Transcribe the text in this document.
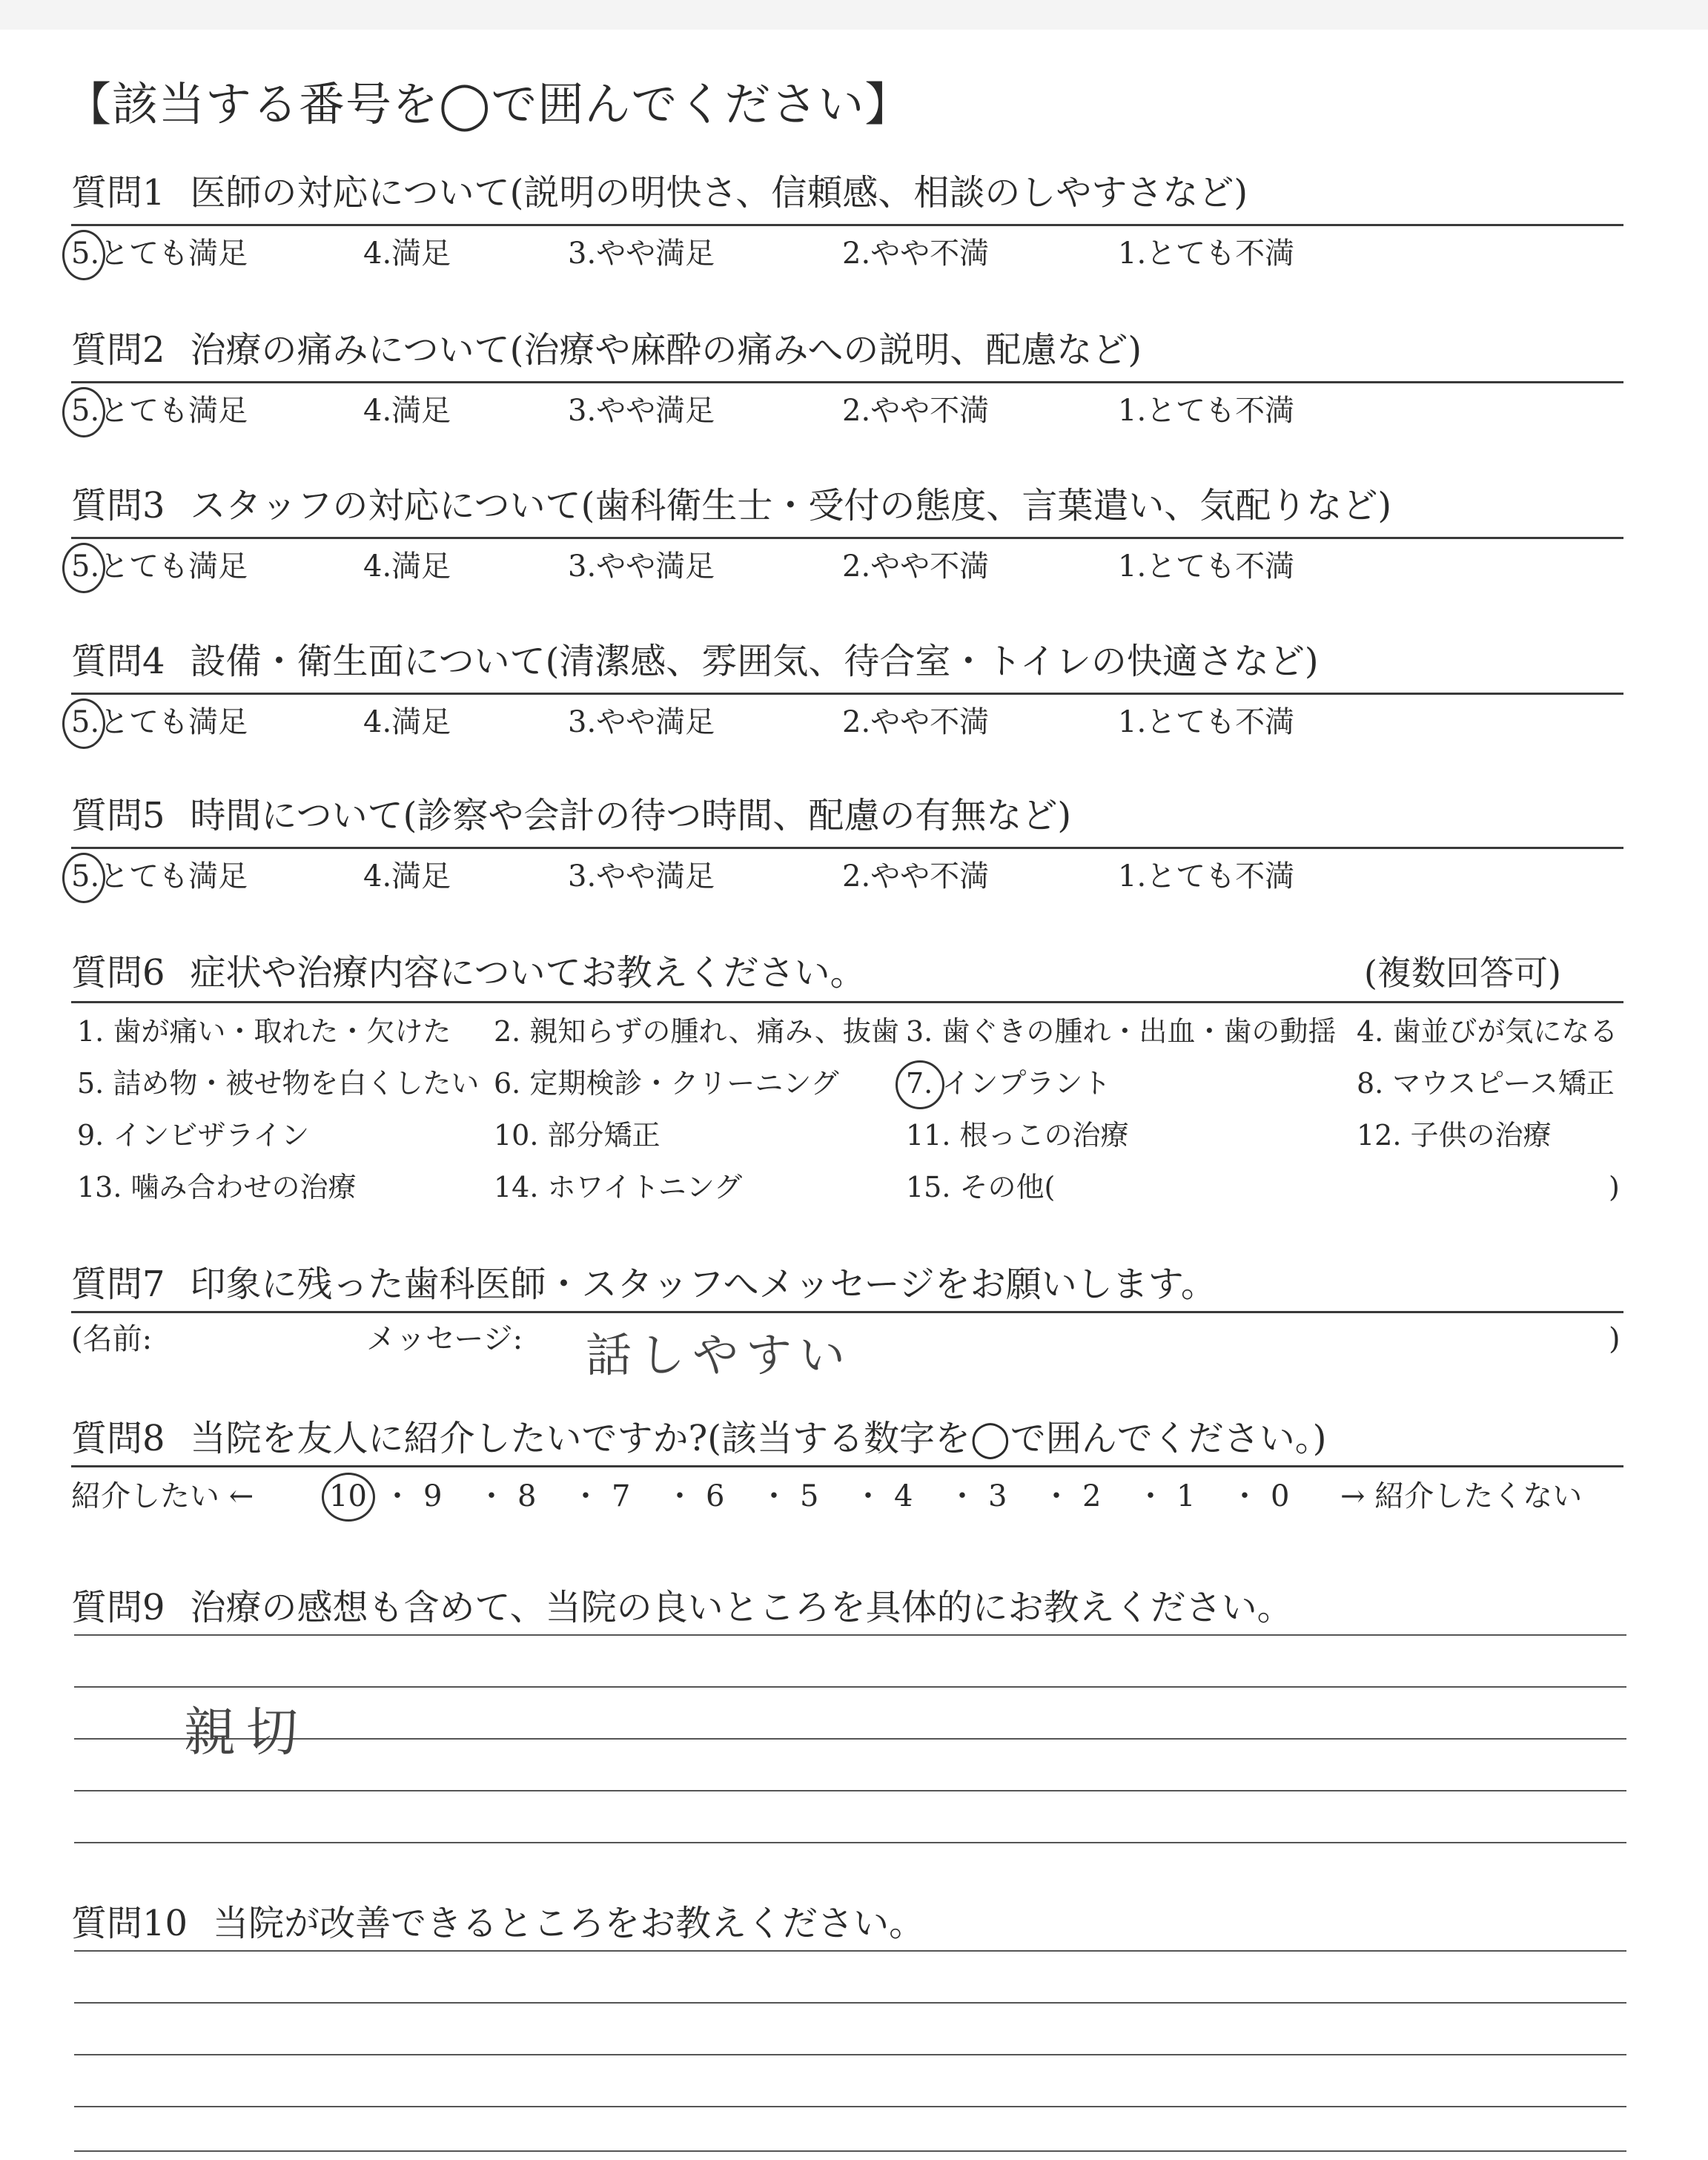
【該当する番号を◯で囲んでください】
質問1 医師の対応について(説明の明快さ、信頼感、相談のしやすさなど)
5.とても満足	4.満足	3.やや満足	2.やや不満	1.とても不満
質問2 治療の痛みについて(治療や麻酔の痛みへの説明、配慮など)
5.とても満足	4.満足	3.やや満足	2.やや不満	1.とても不満
質問3 スタッフの対応について(歯科衛生士・受付の態度、言葉遣い、気配りなど)
5.とても満足	4.満足	3.やや満足	2.やや不満	1.とても不満
質問4 設備・衛生面について(清潔感、雰囲気、待合室・トイレの快適さなど)
5.とても満足	4.満足	3.やや満足	2.やや不満	1.とても不満
質問5 時間について(診察や会計の待つ時間、配慮の有無など)
5.とても満足	4.満足	3.やや満足	2.やや不満	1.とても不満
質問6 症状や治療内容についてお教えください。	(複数回答可)
1. 歯が痛い・取れた・欠けた 2. 親知らずの腫れ、痛み、抜歯 3. 歯ぐきの腫れ・出血・歯の動揺 4. 歯並びが気になる
5. 詰め物・被せ物を白くしたい 6. 定期検診・クリーニング 7. インプラント	8. マウスピース矯正
9. インビザライン	10. 部分矯正	11. 根っこの治療	12. 子供の治療
13. 噛み合わせの治療	14. ホワイトニング	15. その他(	)
質問7 印象に残った歯科医師・スタッフへメッセージをお願いします。
(名前:	メッセージ: 話しやすい	)
質問8 当院を友人に紹介したいですか?(該当する数字を◯で囲んでください。)
紹介したい ←	10 ・ 9 ・ 8 ・ 7 ・ 6 ・ 5 ・ 4 ・ 3 ・ 2 ・ 1 ・ 0 → 紹介したくない
質問9 治療の感想も含めて、当院の良いところを具体的にお教えください。
親切
質問10 当院が改善できるところをお教えください。
